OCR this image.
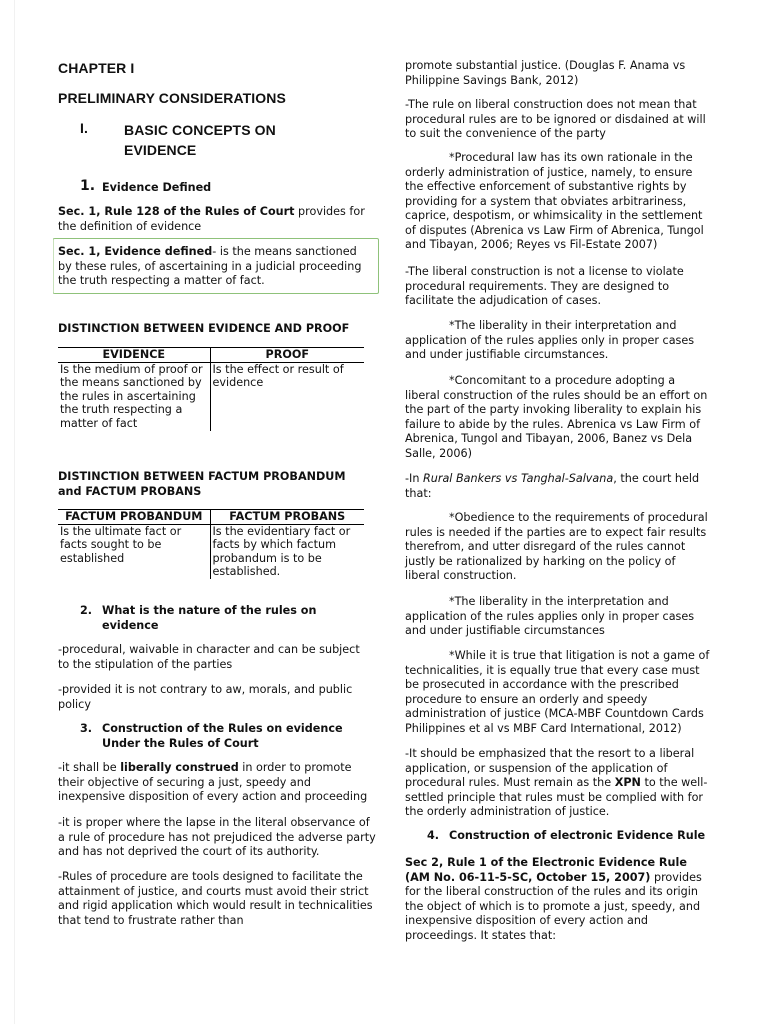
CHAPTER I
PRELIMINARY CONSIDERATIONS
I.	BASIC CONCEPTS ON
EVIDENCE
1. Evidence Defined

Sec. 1, Rule 128 of the Rules of Court provides for the definition of evidence

Sec. 1, Evidence defined- is the means sanctioned by these rules, of ascertaining in a judicial proceeding the truth respecting a matter of fact.

DISTINCTION BETWEEN EVIDENCE AND PROOF
EVIDENCE	PROOF
Is the medium of proof or the means sanctioned by the rules in ascertaining the truth respecting a matter of fact	Is the effect or result of evidence
DISTINCTION BETWEEN FACTUM PROBANDUM
and FACTUM PROBANS
FACTUM PROBANDUM	FACTUM PROBANS
Is the ultimate fact or facts sought to be established	Is the evidentiary fact or facts by which factum probandum is to be established.
2. What is the nature of the rules on
evidence

-procedural, waivable in character and can be subject to the stipulation of the parties

-provided it is not contrary to aw, morals, and public policy

3. Construction of the Rules on evidence
Under the Rules of Court

-it shall be liberally construed in order to promote their objective of securing a just, speedy and inexpensive disposition of every action and proceeding

-it is proper where the lapse in the literal observance of a rule of procedure has not prejudiced the adverse party and has not deprived the court of its authority.

-Rules of procedure are tools designed to facilitate the attainment of justice, and courts must avoid their strict and rigid application which would result in technicalities that tend to frustrate rather than

promote substantial justice. (Douglas F. Anama vs Philippine Savings Bank, 2012)

-The rule on liberal construction does not mean that procedural rules are to be ignored or disdained at will to suit the convenience of the party

*Procedural law has its own rationale in the orderly administration of justice, namely, to ensure the effective enforcement of substantive rights by providing for a system that obviates arbitrariness, caprice, despotism, or whimsicality in the settlement of disputes (Abrenica vs Law Firm of Abrenica, Tungol and Tibayan, 2006; Reyes vs Fil-Estate 2007)

-The liberal construction is not a license to violate procedural requirements. They are designed to facilitate the adjudication of cases.

*The liberality in their interpretation and application of the rules applies only in proper cases and under justifiable circumstances.

*Concomitant to a procedure adopting a liberal construction of the rules should be an effort on the part of the party invoking liberality to explain his failure to abide by the rules. Abrenica vs Law Firm of Abrenica, Tungol and Tibayan, 2006, Banez vs Dela Salle, 2006)

-In Rural Bankers vs Tanghal-Salvana, the court held that:

*Obedience to the requirements of procedural rules is needed if the parties are to expect fair results therefrom, and utter disregard of the rules cannot justly be rationalized by harking on the policy of liberal construction.

*The liberality in the interpretation and application of the rules applies only in proper cases and under justifiable circumstances

*While it is true that litigation is not a game of technicalities, it is equally true that every case must be prosecuted in accordance with the prescribed procedure to ensure an orderly and speedy administration of justice (MCA-MBF Countdown Cards Philippines et al vs MBF Card International, 2012)

-It should be emphasized that the resort to a liberal application, or suspension of the application of procedural rules. Must remain as the XPN to the well-settled principle that rules must be complied with for the orderly administration of justice.

4. Construction of electronic Evidence Rule

Sec 2, Rule 1 of the Electronic Evidence Rule (AM No. 06-11-5-SC, October 15, 2007) provides for the liberal construction of the rules and its origin the object of which is to promote a just, speedy, and inexpensive disposition of every action and proceedings. It states that:
